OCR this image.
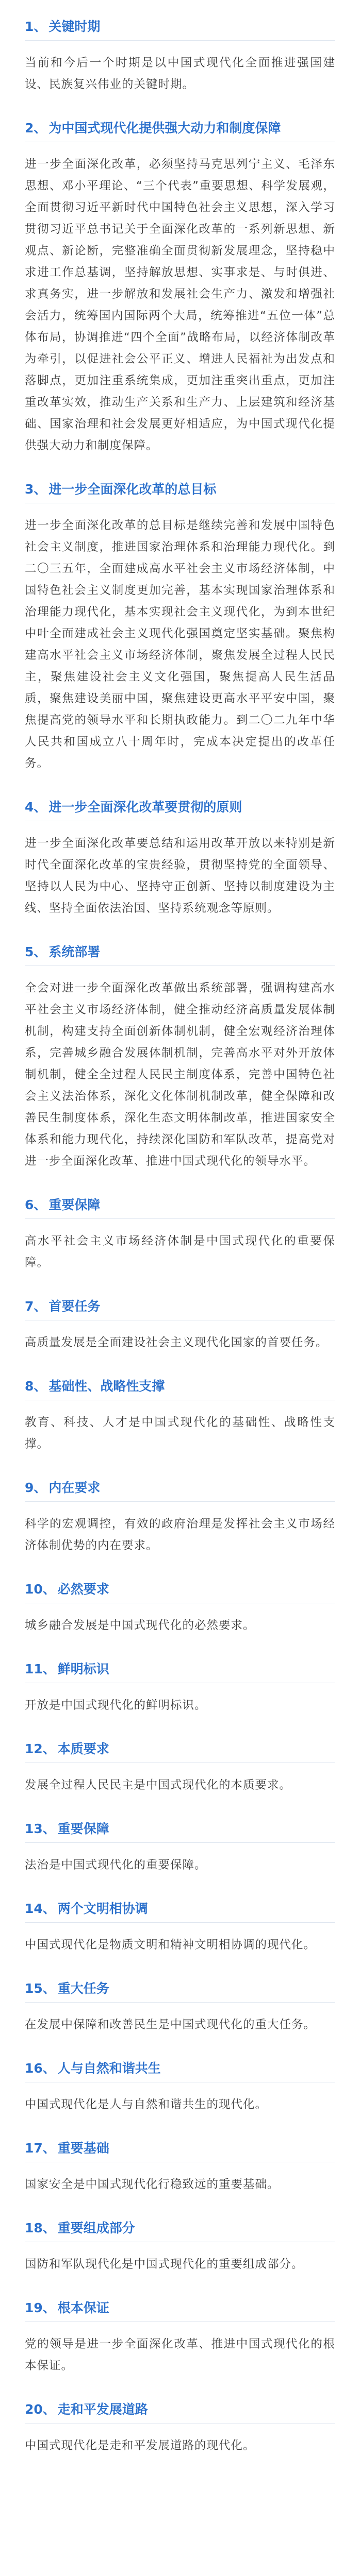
1、 关键时期

当前和今后一个时期是以中国式现代化全面推进强国建设、民族复兴伟业的关键时期。

2、 为中国式现代化提供强大动力和制度保障

进一步全面深化改革，必须坚持马克思列宁主义、毛泽东思想、邓小平理论、“三个代表”重要思想、科学发展观，全面贯彻习近平新时代中国特色社会主义思想，深入学习贯彻习近平总书记关于全面深化改革的一系列新思想、新观点、新论断，完整准确全面贯彻新发展理念，坚持稳中求进工作总基调，坚持解放思想、实事求是、与时俱进、求真务实，进一步解放和发展社会生产力、激发和增强社会活力，统筹国内国际两个大局，统筹推进“五位一体”总体布局，协调推进“四个全面”战略布局，以经济体制改革为牵引，以促进社会公平正义、增进人民福祉为出发点和落脚点，更加注重系统集成，更加注重突出重点，更加注重改革实效，推动生产关系和生产力、上层建筑和经济基础、国家治理和社会发展更好相适应，为中国式现代化提供强大动力和制度保障。

3、 进一步全面深化改革的总目标

进一步全面深化改革的总目标是继续完善和发展中国特色社会主义制度，推进国家治理体系和治理能力现代化。到二〇三五年，全面建成高水平社会主义市场经济体制，中国特色社会主义制度更加完善，基本实现国家治理体系和治理能力现代化，基本实现社会主义现代化，为到本世纪中叶全面建成社会主义现代化强国奠定坚实基础。聚焦构建高水平社会主义市场经济体制，聚焦发展全过程人民民主，聚焦建设社会主义文化强国，聚焦提高人民生活品质，聚焦建设美丽中国，聚焦建设更高水平平安中国，聚焦提高党的领导水平和长期执政能力。到二〇二九年中华人民共和国成立八十周年时，完成本决定提出的改革任务。

4、 进一步全面深化改革要贯彻的原则

进一步全面深化改革要总结和运用改革开放以来特别是新时代全面深化改革的宝贵经验，贯彻坚持党的全面领导、坚持以人民为中心、坚持守正创新、坚持以制度建设为主线、坚持全面依法治国、坚持系统观念等原则。

5、 系统部署

全会对进一步全面深化改革做出系统部署，强调构建高水平社会主义市场经济体制，健全推动经济高质量发展体制机制，构建支持全面创新体制机制，健全宏观经济治理体系，完善城乡融合发展体制机制，完善高水平对外开放体制机制，健全全过程人民民主制度体系，完善中国特色社会主义法治体系，深化文化体制机制改革，健全保障和改善民生制度体系，深化生态文明体制改革，推进国家安全体系和能力现代化，持续深化国防和军队改革，提高党对进一步全面深化改革、推进中国式现代化的领导水平。

6、 重要保障

高水平社会主义市场经济体制是中国式现代化的重要保障。

7、 首要任务

高质量发展是全面建设社会主义现代化国家的首要任务。

8、 基础性、战略性支撑

教育、科技、人才是中国式现代化的基础性、战略性支撑。

9、 内在要求

科学的宏观调控，有效的政府治理是发挥社会主义市场经济体制优势的内在要求。

10、 必然要求

城乡融合发展是中国式现代化的必然要求。

11、 鲜明标识

开放是中国式现代化的鲜明标识。

12、 本质要求

发展全过程人民民主是中国式现代化的本质要求。

13、 重要保障

法治是中国式现代化的重要保障。

14、 两个文明相协调

中国式现代化是物质文明和精神文明相协调的现代化。

15、 重大任务

在发展中保障和改善民生是中国式现代化的重大任务。

16、 人与自然和谐共生

中国式现代化是人与自然和谐共生的现代化。

17、 重要基础

国家安全是中国式现代化行稳致远的重要基础。

18、 重要组成部分

国防和军队现代化是中国式现代化的重要组成部分。

19、 根本保证

党的领导是进一步全面深化改革、推进中国式现代化的根本保证。

20、 走和平发展道路

中国式现代化是走和平发展道路的现代化。
